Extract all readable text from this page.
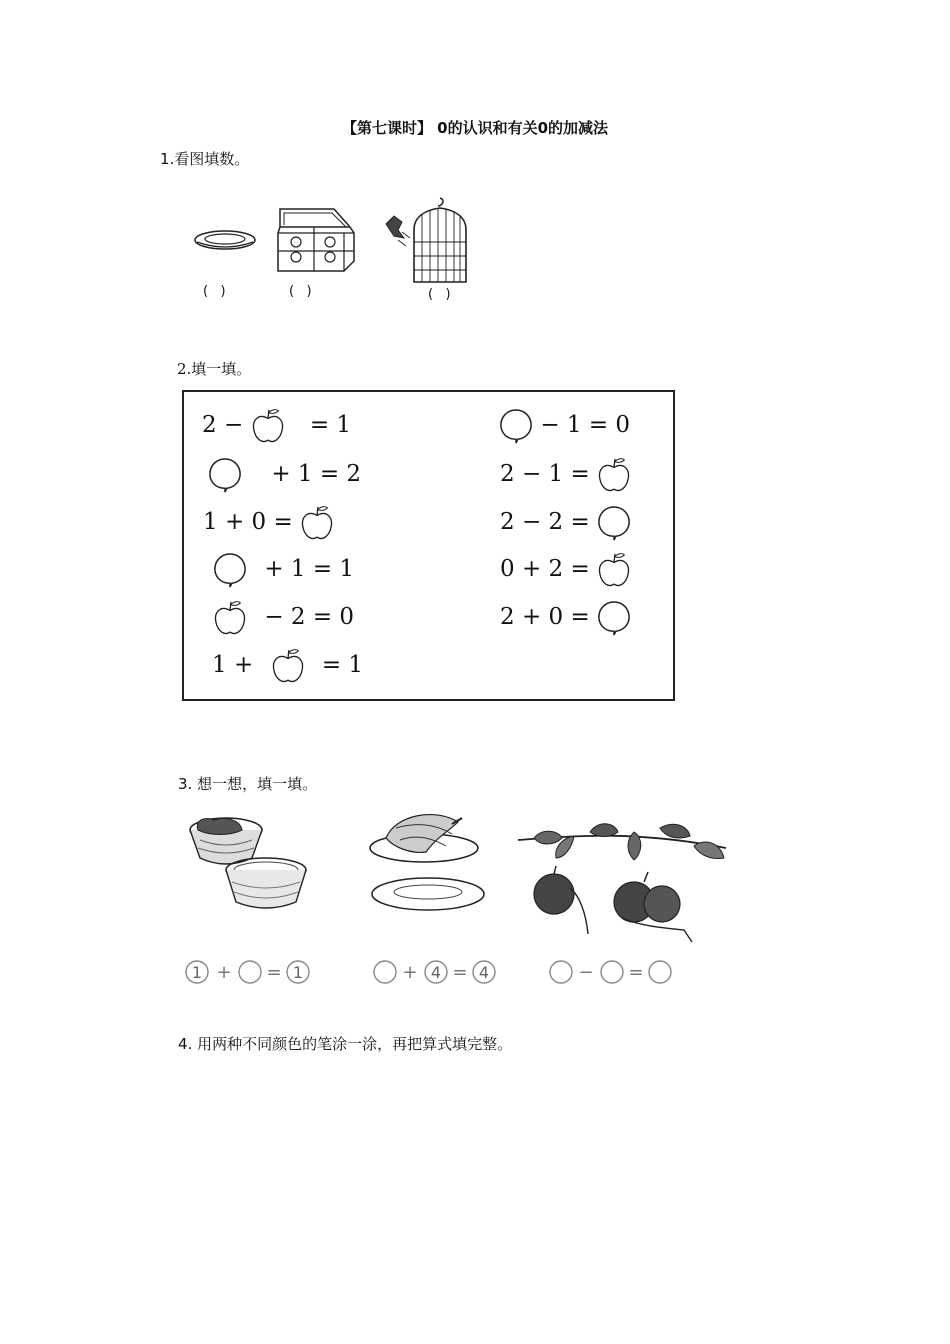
【第七课时】 0的认识和有关0的加减法
1.看图填数。
(   )	(   )	(   )
2.填一填。
2 −	= 1
+ 1 = 2
1 + 0 =
+ 1 = 1
− 2 = 0
1 +	= 1
− 1 = 0
2 − 1 =
2 − 2 =
0 + 2 =
2 + 0 =
3. 想一想，填一填。
1 + = 1	+ 4 = 4	− =
4. 用两种不同颜色的笔涂一涂，再把算式填完整。
